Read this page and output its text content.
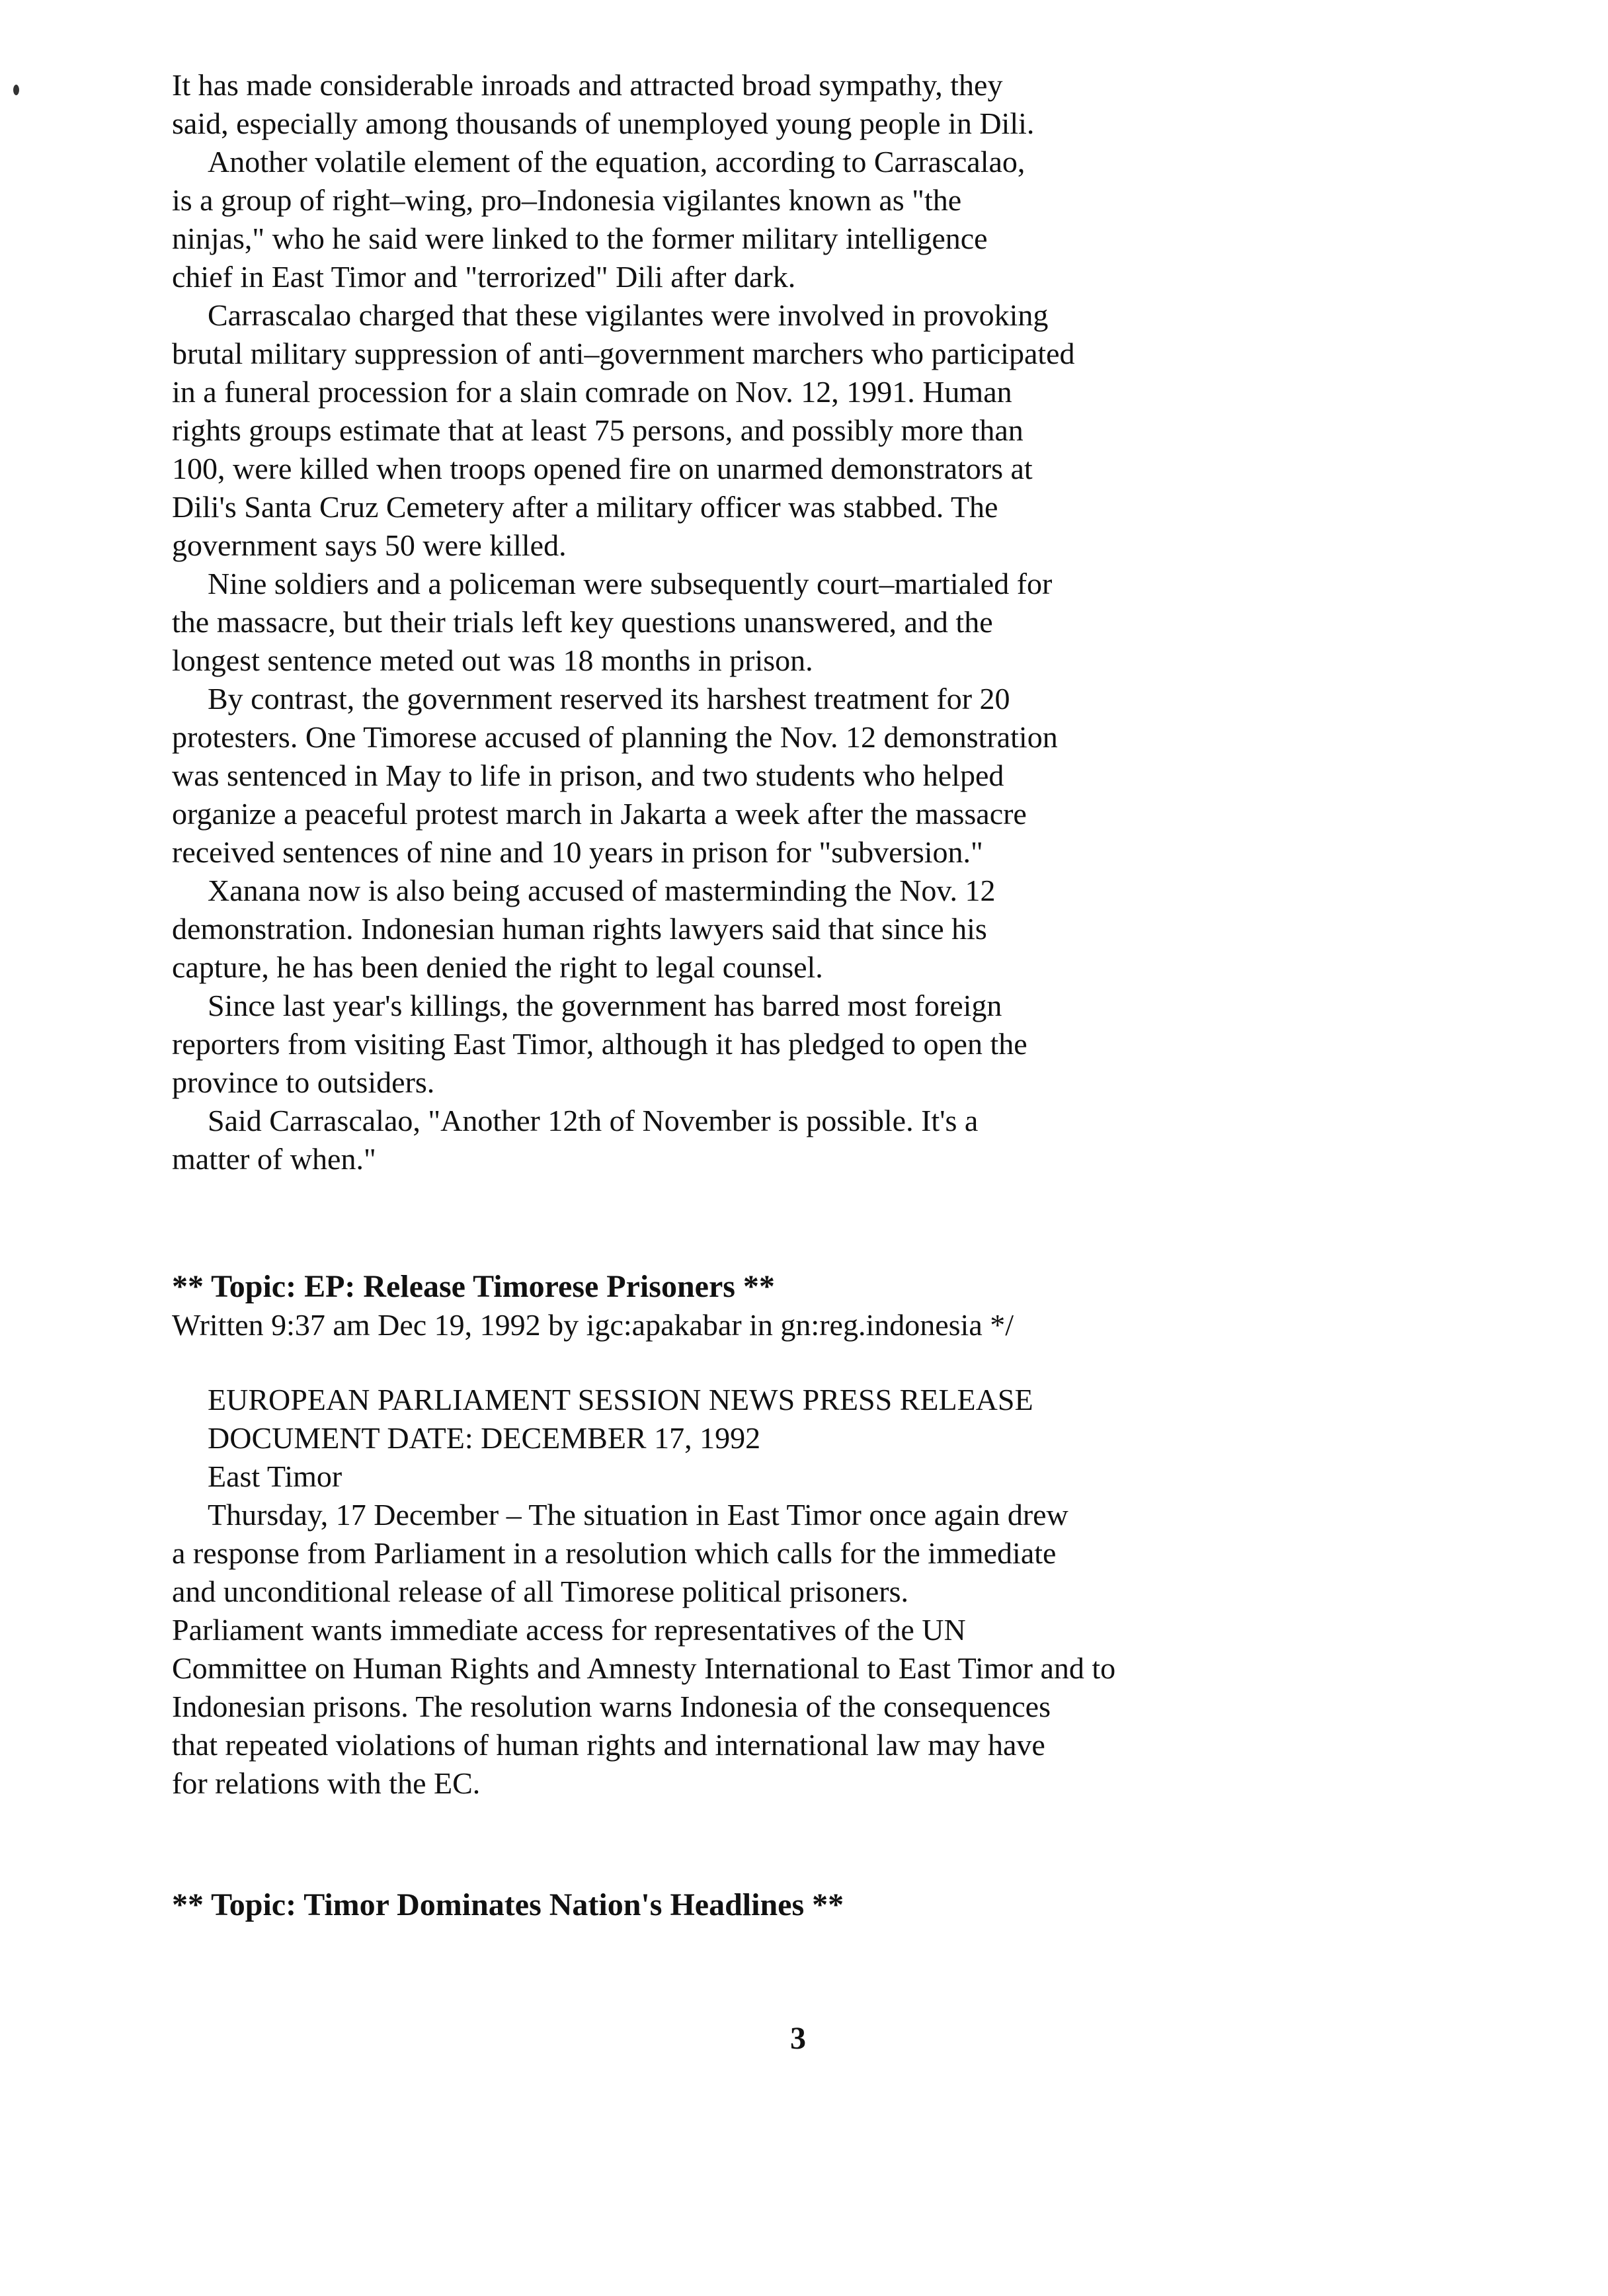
It has made considerable inroads and attracted broad sympathy, they
said, especially among thousands of unemployed young people in Dili.
Another volatile element of the equation, according to Carrascalao,
is a group of right–wing, pro–Indonesia vigilantes known as "the
ninjas," who he said were linked to the former military intelligence
chief in East Timor and "terrorized" Dili after dark.
Carrascalao charged that these vigilantes were involved in provoking
brutal military suppression of anti–government marchers who participated
in a funeral procession for a slain comrade on Nov. 12, 1991. Human
rights groups estimate that at least 75 persons, and possibly more than
100, were killed when troops opened fire on unarmed demonstrators at
Dili's Santa Cruz Cemetery after a military officer was stabbed. The
government says 50 were killed.
Nine soldiers and a policeman were subsequently court–martialed for
the massacre, but their trials left key questions unanswered, and the
longest sentence meted out was 18 months in prison.
By contrast, the government reserved its harshest treatment for 20
protesters. One Timorese accused of planning the Nov. 12 demonstration
was sentenced in May to life in prison, and two students who helped
organize a peaceful protest march in Jakarta a week after the massacre
received sentences of nine and 10 years in prison for "subversion."
Xanana now is also being accused of masterminding the Nov. 12
demonstration. Indonesian human rights lawyers said that since his
capture, he has been denied the right to legal counsel.
Since last year's killings, the government has barred most foreign
reporters from visiting East Timor, although it has pledged to open the
province to outsiders.
Said Carrascalao, "Another 12th of November is possible. It's a
matter of when."
** Topic: EP: Release Timorese Prisoners **
Written 9:37 am Dec 19, 1992 by igc:apakabar in gn:reg.indonesia */
EUROPEAN PARLIAMENT SESSION NEWS PRESS RELEASE
DOCUMENT DATE: DECEMBER 17, 1992
East Timor
Thursday, 17 December – The situation in East Timor once again drew
a response from Parliament in a resolution which calls for the immediate
and unconditional release of all Timorese political prisoners.
Parliament wants immediate access for representatives of the UN
Committee on Human Rights and Amnesty International to East Timor and to
Indonesian prisons. The resolution warns Indonesia of the consequences
that repeated violations of human rights and international law may have
for relations with the EC.
** Topic: Timor Dominates Nation's Headlines **
3
